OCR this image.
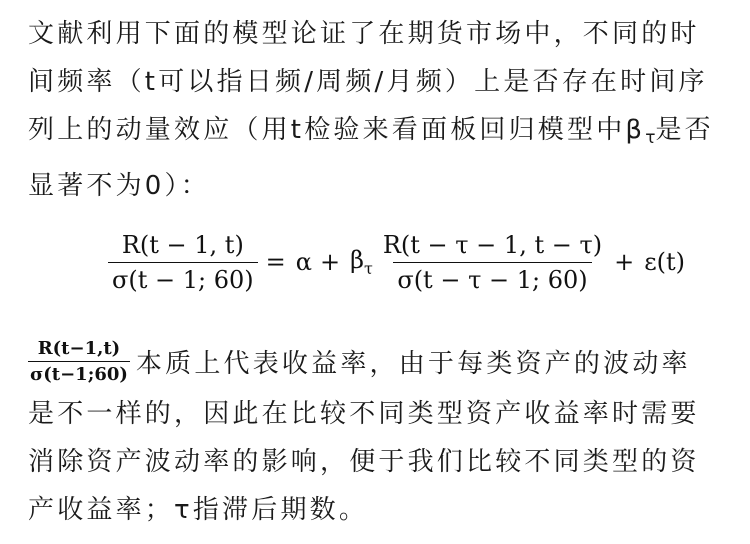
文献利用下面的模型论证了在期货市场中，不同的时间频率（t可以指日频/周频/月频）上是否存在时间序列上的动量效应（用t检验来看面板回归模型中$\beta_\tau$是否显著不为0）：

$\frac{R(t - 1, t)}{\sigma(t - 1; 60)} = \alpha + \beta_\tau \frac{R(t - \tau - 1, t - \tau)}{\sigma(t - \tau - 1; 60)} + \varepsilon(t)$
$\frac{R(t-1,t)}{\sigma(t-1;60)}$ 本质上代表收益率，由于每类资产的波动率

是不一样的，因此在比较不同类型资产收益率时需要消除资产波动率的影响，便于我们比较不同类型的资产收益率；τ指滞后期数。
